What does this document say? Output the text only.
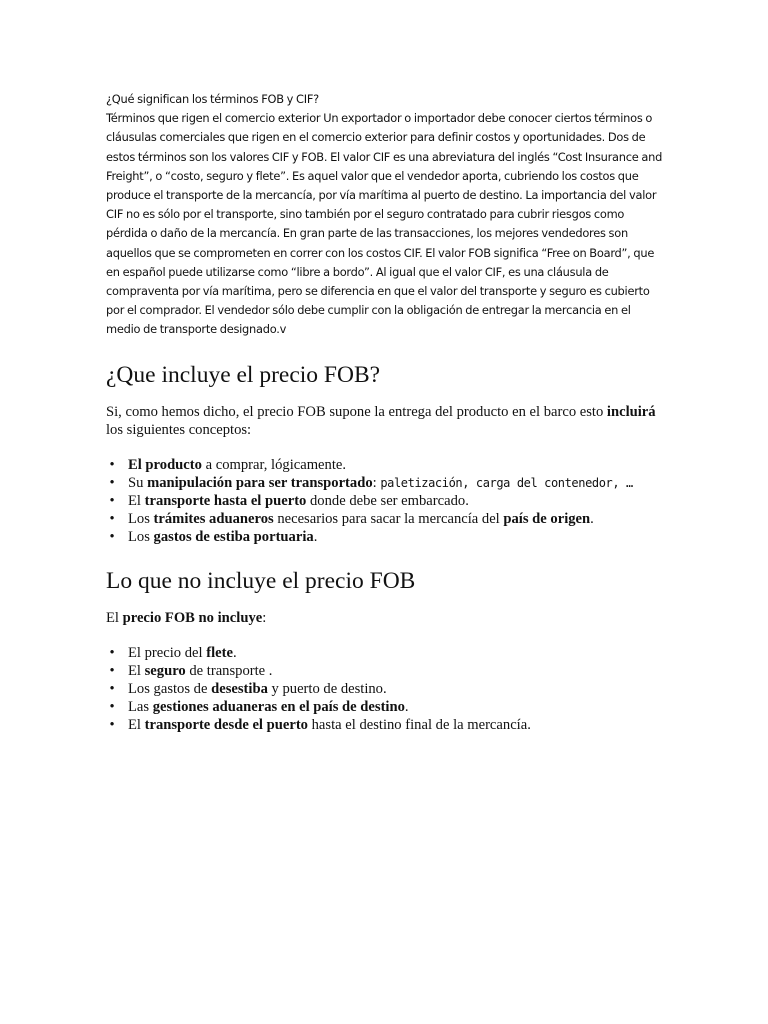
¿Qué significan los términos FOB y CIF?

Términos que rigen el comercio exterior Un exportador o importador debe conocer ciertos términos o cláusulas comerciales que rigen en el comercio exterior para definir costos y oportunidades. Dos de estos términos son los valores CIF y FOB. El valor CIF es una abreviatura del inglés “Cost Insurance and Freight”, o “costo, seguro y flete”. Es aquel valor que el vendedor aporta, cubriendo los costos que produce el transporte de la mercancía, por vía marítima al puerto de destino. La importancia del valor CIF no es sólo por el transporte, sino también por el seguro contratado para cubrir riesgos como pérdida o daño de la mercancía. En gran parte de las transacciones, los mejores vendedores son aquellos que se comprometen en correr con los costos CIF. El valor FOB significa “Free on Board”, que en español puede utilizarse como “libre a bordo”. Al igual que el valor CIF, es una cláusula de compraventa por vía marítima, pero se diferencia en que el valor del transporte y seguro es cubierto por el comprador. El vendedor sólo debe cumplir con la obligación de entregar la mercancia en el medio de transporte designado.v

¿Que incluye el precio FOB?

Si, como hemos dicho, el precio FOB supone la entrega del producto en el barco esto incluirá los siguientes conceptos:

• El producto a comprar, lógicamente.
• Su manipulación para ser transportado: paletización, carga del contenedor, …
• El transporte hasta el puerto donde debe ser embarcado.
• Los trámites aduaneros necesarios para sacar la mercancía del país de origen.
• Los gastos de estiba portuaria.
Lo que no incluye el precio FOB

El precio FOB no incluye:

• El precio del flete.
• El seguro de transporte .
• Los gastos de desestiba y puerto de destino.
• Las gestiones aduaneras en el país de destino.
• El transporte desde el puerto hasta el destino final de la mercancía.
